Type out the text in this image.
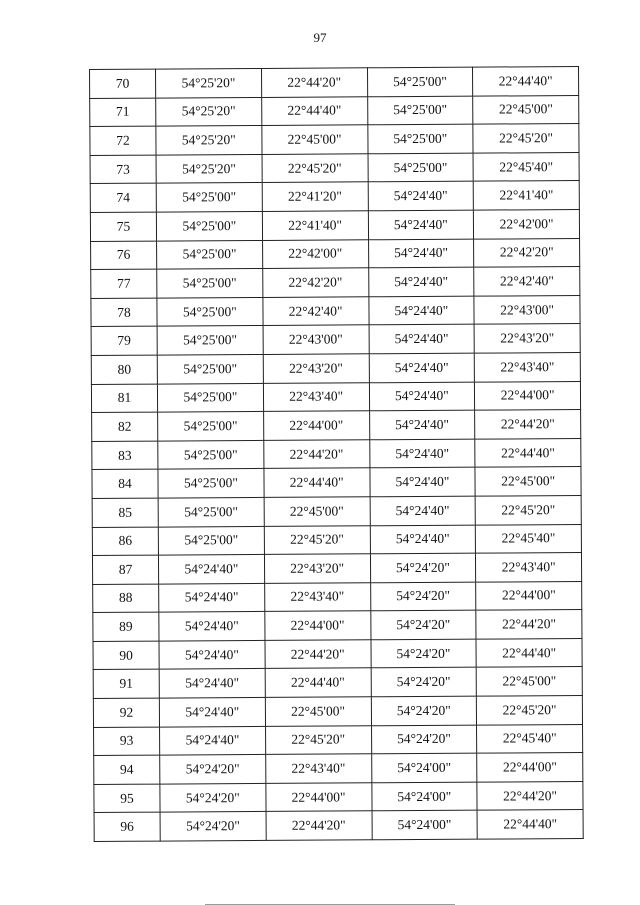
97
70	54°25'20"	22°44'20"	54°25'00"	22°44'40"
71	54°25'20"	22°44'40"	54°25'00"	22°45'00"
72	54°25'20"	22°45'00"	54°25'00"	22°45'20"
73	54°25'20"	22°45'20"	54°25'00"	22°45'40"
74	54°25'00"	22°41'20"	54°24'40"	22°41'40"
75	54°25'00"	22°41'40"	54°24'40"	22°42'00"
76	54°25'00"	22°42'00"	54°24'40"	22°42'20"
77	54°25'00"	22°42'20"	54°24'40"	22°42'40"
78	54°25'00"	22°42'40"	54°24'40"	22°43'00"
79	54°25'00"	22°43'00"	54°24'40"	22°43'20"
80	54°25'00"	22°43'20"	54°24'40"	22°43'40"
81	54°25'00"	22°43'40"	54°24'40"	22°44'00"
82	54°25'00"	22°44'00"	54°24'40"	22°44'20"
83	54°25'00"	22°44'20"	54°24'40"	22°44'40"
84	54°25'00"	22°44'40"	54°24'40"	22°45'00"
85	54°25'00"	22°45'00"	54°24'40"	22°45'20"
86	54°25'00"	22°45'20"	54°24'40"	22°45'40"
87	54°24'40"	22°43'20"	54°24'20"	22°43'40"
88	54°24'40"	22°43'40"	54°24'20"	22°44'00"
89	54°24'40"	22°44'00"	54°24'20"	22°44'20"
90	54°24'40"	22°44'20"	54°24'20"	22°44'40"
91	54°24'40"	22°44'40"	54°24'20"	22°45'00"
92	54°24'40"	22°45'00"	54°24'20"	22°45'20"
93	54°24'40"	22°45'20"	54°24'20"	22°45'40"
94	54°24'20"	22°43'40"	54°24'00"	22°44'00"
95	54°24'20"	22°44'00"	54°24'00"	22°44'20"
96	54°24'20"	22°44'20"	54°24'00"	22°44'40"
